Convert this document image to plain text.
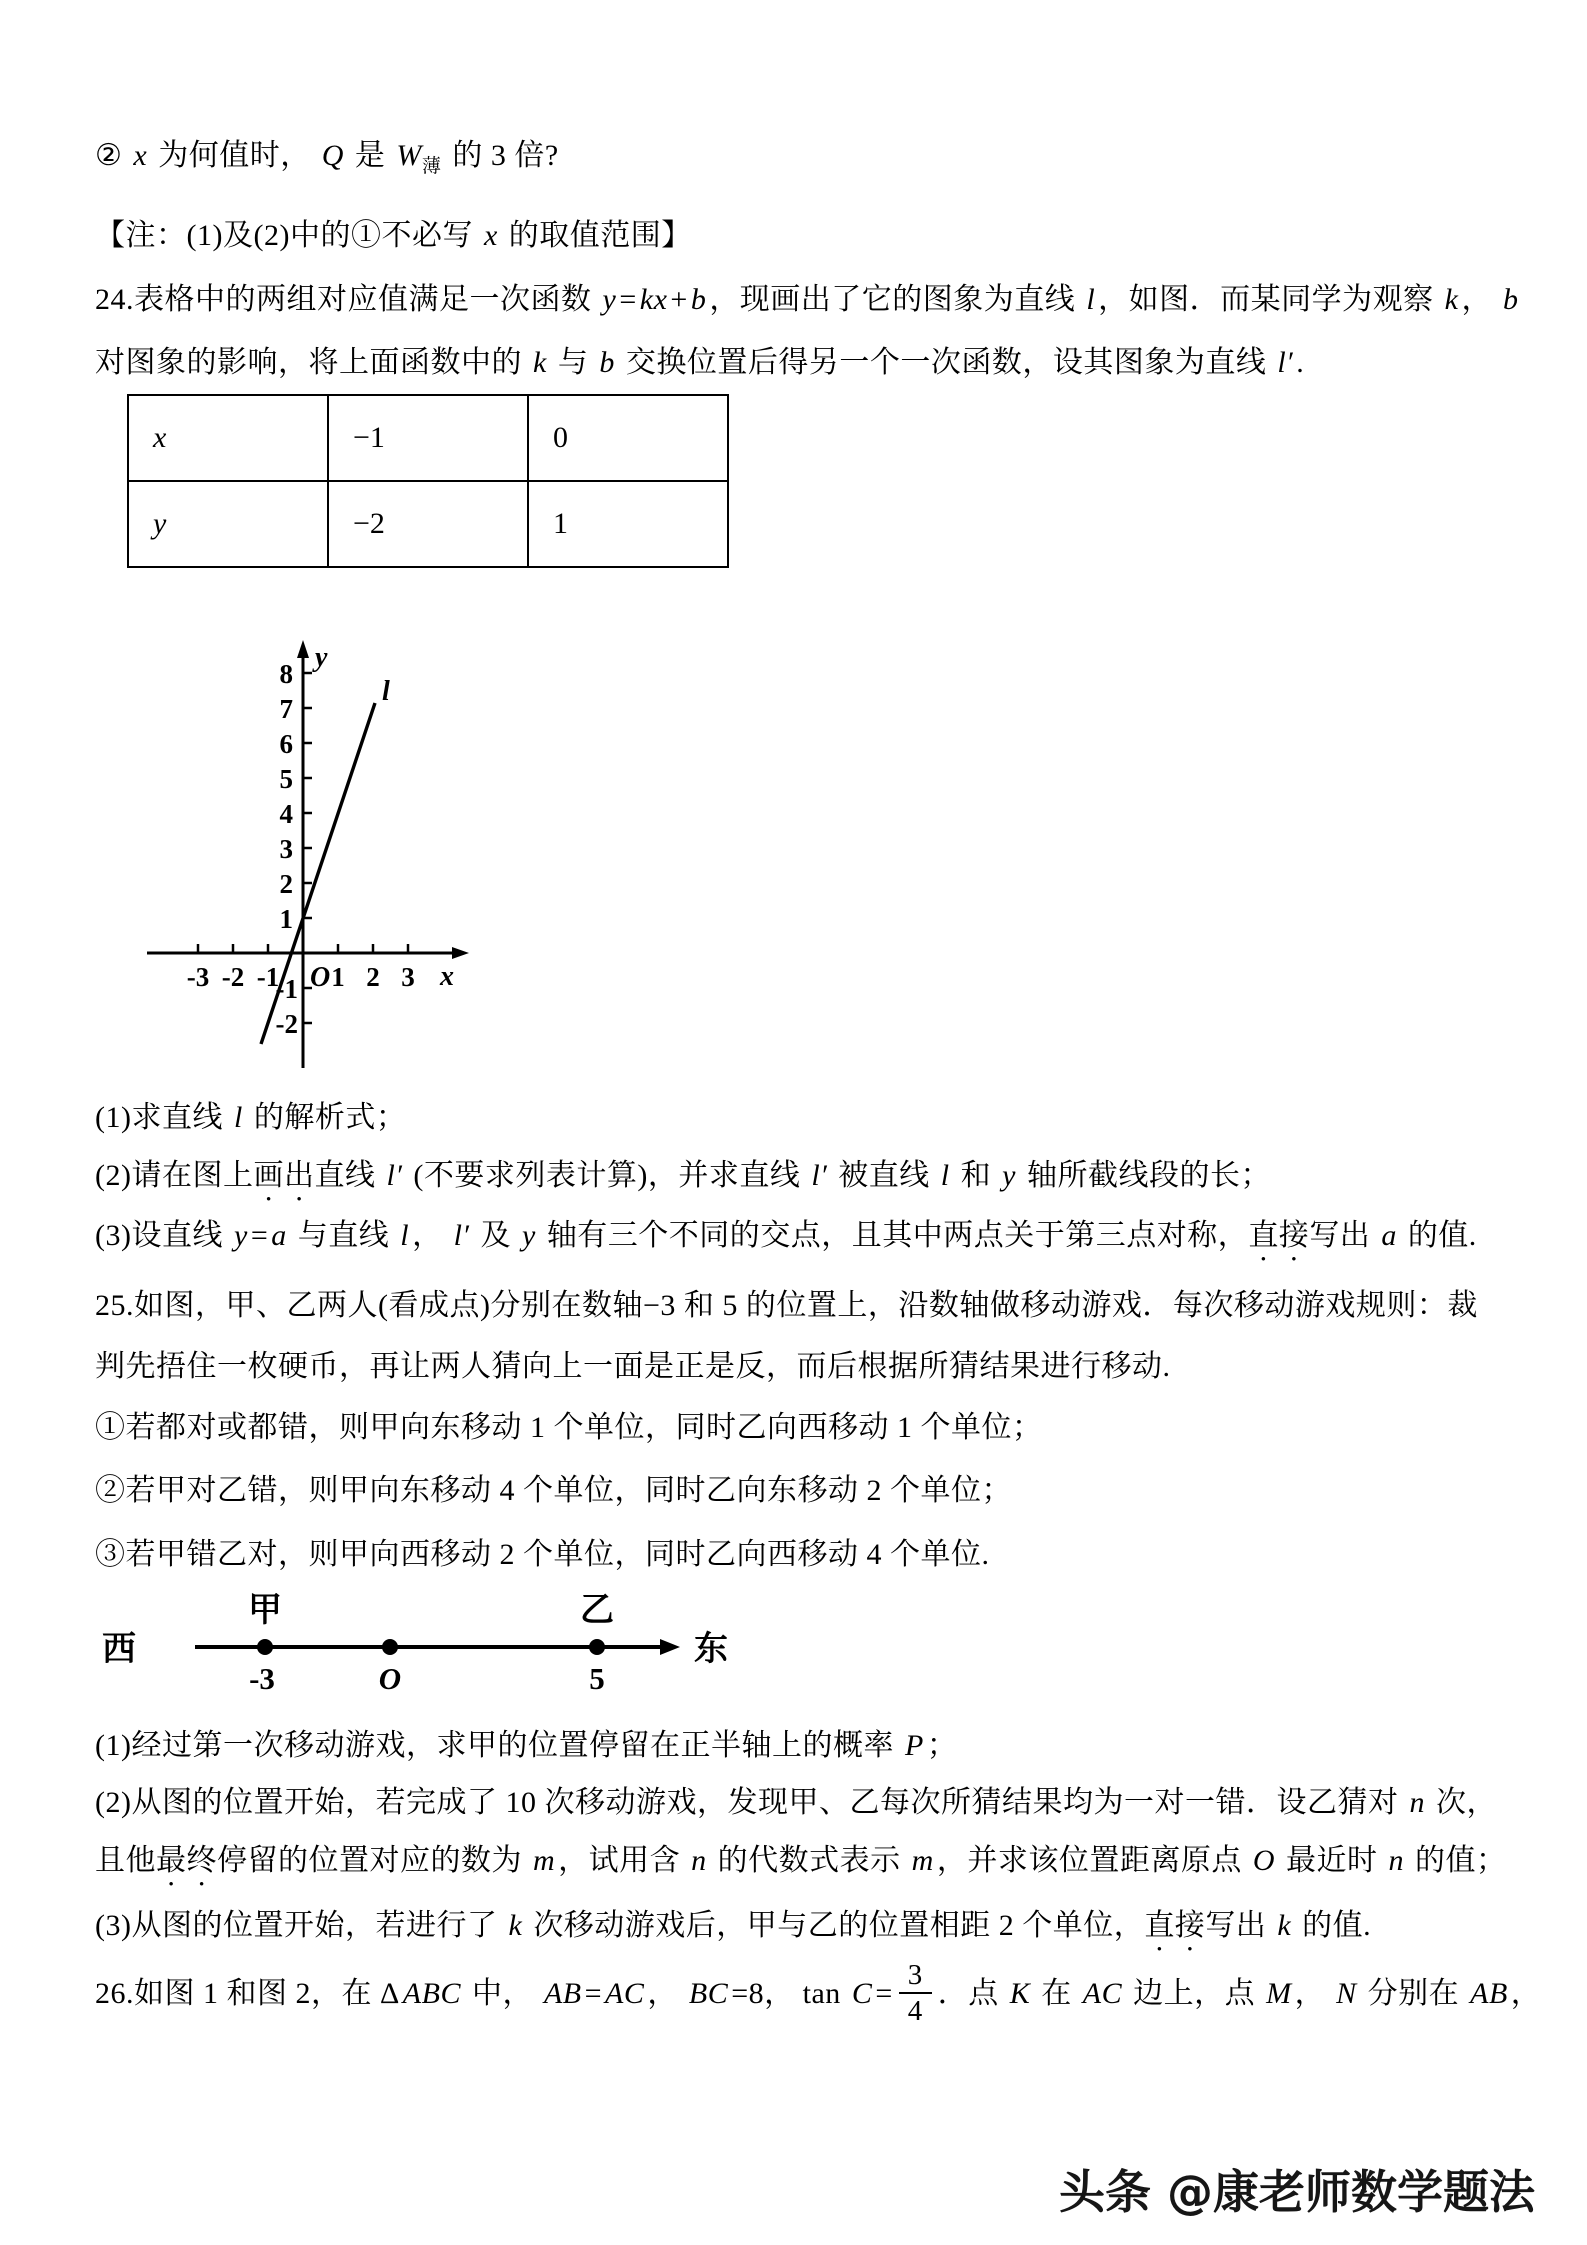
② x 为何值时， Q 是 $W_薄$ 的 3 倍?
【注：(1)及(2)中的①不必写 x 的取值范围】
24.表格中的两组对应值满足一次函数 y = kx + b ，现画出了它的图象为直线 l ，如图．而某同学为观察 k ， b
对图象的影响，将上面函数中的 k 与 b 交换位置后得另一个一次函数，设其图象为直线 l′ .
x	−1	0
y	−2	1
8
7
6
5
4
3
2
1
-1
-2
-3 -2 -1 1 2 3
O	x
y
l
(1)求直线 l 的解析式；
(2)请在图上画出直线 l′ (不要求列表计算)，并求直线 l′ 被直线 l 和 y 轴所截线段的长；
(3)设直线 y = a 与直线 l ， l′ 及 y 轴有三个不同的交点，且其中两点关于第三点对称，直接写出 a 的值.
25.如图，甲、乙两人(看成点)分别在数轴−3 和 5 的位置上，沿数轴做移动游戏．每次移动游戏规则：裁
判先捂住一枚硬币，再让两人猜向上一面是正是反，而后根据所猜结果进行移动.
①若都对或都错，则甲向东移动 1 个单位，同时乙向西移动 1 个单位；
②若甲对乙错，则甲向东移动 4 个单位，同时乙向东移动 2 个单位；
③若甲错乙对，则甲向西移动 2 个单位，同时乙向西移动 4 个单位.
西	东
甲	乙
-3	O	5
(1)经过第一次移动游戏，求甲的位置停留在正半轴上的概率 P ；
(2)从图的位置开始，若完成了 10 次移动游戏，发现甲、乙每次所猜结果均为一对一错．设乙猜对 n 次，
且他最终停留的位置对应的数为 m ，试用含 n 的代数式表示 m ，并求该位置距离原点 O 最近时 n 的值；
(3)从图的位置开始，若进行了 k 次移动游戏后，甲与乙的位置相距 2 个单位，直接写出 k 的值.
26.如图 1 和图 2，在 Δ ABC 中， AB = AC ， BC =8， $\tan C = \frac{3}{4}$ ．点 K 在 AC 边上，点 M ， N 分别在 AB ，
头条 @康老师数学题法
